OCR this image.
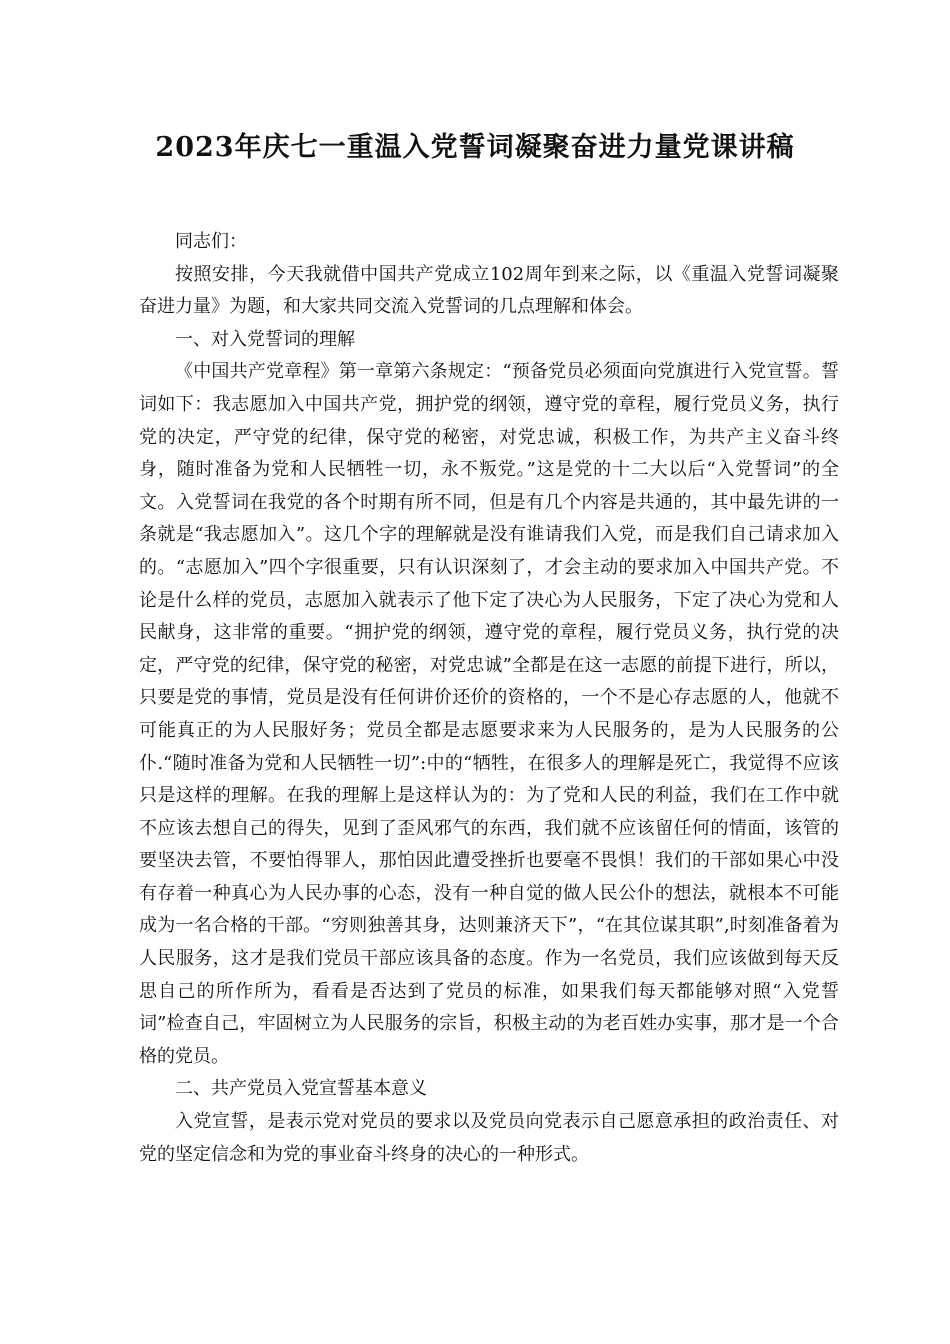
2023年庆七一重温入党誓词凝聚奋进力量党课讲稿

同志们：

按照安排，今天我就借中国共产党成立102周年到来之际，以《重温入党誓词凝聚奋进力量》为题，和大家共同交流入党誓词的几点理解和体会。

一、对入党誓词的理解

《中国共产党章程》第一章第六条规定：“预备党员必须面向党旗进行入党宣誓。誓词如下：我志愿加入中国共产党，拥护党的纲领，遵守党的章程，履行党员义务，执行党的决定，严守党的纪律，保守党的秘密，对党忠诚，积极工作，为共产主义奋斗终身，随时准备为党和人民牺牲一切，永不叛党。”这是党的十二大以后“入党誓词”的全文。入党誓词在我党的各个时期有所不同，但是有几个内容是共通的，其中最先讲的一条就是“我志愿加入”。这几个字的理解就是没有谁请我们入党，而是我们自己请求加入的。“志愿加入”四个字很重要，只有认识深刻了，才会主动的要求加入中国共产党。不论是什么样的党员，志愿加入就表示了他下定了决心为人民服务，下定了决心为党和人民献身，这非常的重要。“拥护党的纲领，遵守党的章程，履行党员义务，执行党的决定，严守党的纪律，保守党的秘密，对党忠诚”全都是在这一志愿的前提下进行，所以，只要是党的事情，党员是没有任何讲价还价的资格的，一个不是心存志愿的人，他就不可能真正的为人民服好务；党员全都是志愿要求来为人民服务的，是为人民服务的公仆.“随时准备为党和人民牺牲一切”:中的“牺牲，在很多人的理解是死亡，我觉得不应该只是这样的理解。在我的理解上是这样认为的：为了党和人民的利益，我们在工作中就不应该去想自己的得失，见到了歪风邪气的东西，我们就不应该留任何的情面，该管的要坚决去管，不要怕得罪人，那怕因此遭受挫折也要毫不畏惧！我们的干部如果心中没有存着一种真心为人民办事的心态，没有一种自觉的做人民公仆的想法，就根本不可能成为一名合格的干部。“穷则独善其身，达则兼济天下”，“在其位谋其职”,时刻准备着为人民服务，这才是我们党员干部应该具备的态度。作为一名党员，我们应该做到每天反思自己的所作所为，看看是否达到了党员的标准，如果我们每天都能够对照“入党誓词”检查自己，牢固树立为人民服务的宗旨，积极主动的为老百姓办实事，那才是一个合格的党员。

二、共产党员入党宣誓基本意义

入党宣誓，是表示党对党员的要求以及党员向党表示自己愿意承担的政治责任、对党的坚定信念和为党的事业奋斗终身的决心的一种形式。
